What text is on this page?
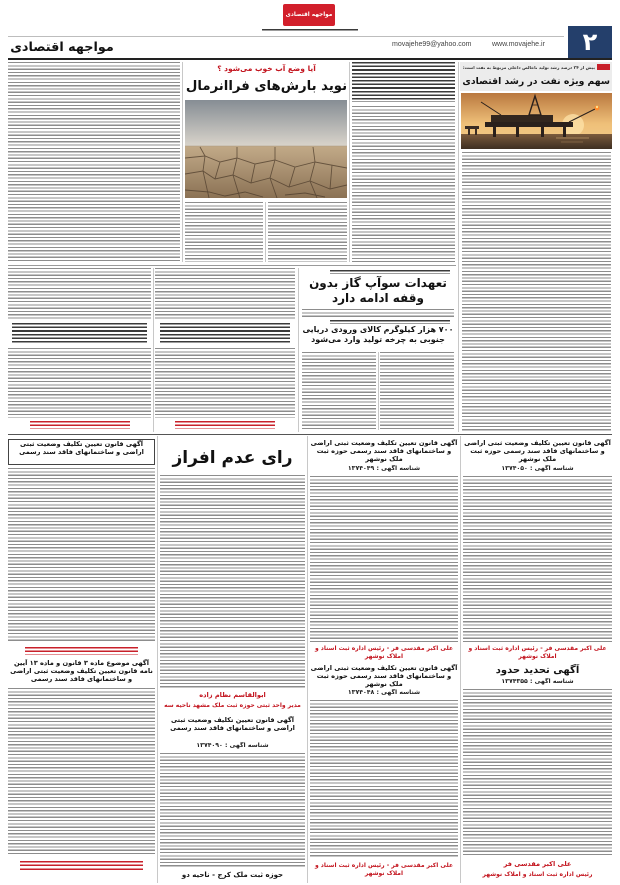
مواجهه اقتصادی
movajehe99@yahoo.com	www.movajehe.ir
مواجهه اقتصادی	۲
بیش از ۳۴ درصد رشد تولید ناخالص داخلی مربوط به نفت است:
سهم ویژه نفت در رشد اقتصادی
آیا وضع آب خوب می‌شود ؟
نوید بارش‌های فراانرمال
تعهدات سوآپ گاز بدون وقفه ادامه دارد
۷۰۰ هزار کیلوگرم کالای ورودی دریایی جنوبی به چرخه تولید وارد می‌شود
آگهی قانون تعیین تکلیف وضعیت ثبتی اراضی و ساختمانهای فاقد سند رسمی حوزه ثبت ملک نوشهر
شناسه آگهی : ۱۳۷۴۰۵۰
علی اکبر مقدسی فر - رئیس اداره ثبت اسناد و املاک نوشهر
آگهی تحدید حدود
شناسه آگهی : ۱۳۷۴۳۵۵
علی اکبر مقدسی فر
رئیس اداره ثبت اسناد و املاک نوشهر
آگهی قانون تعیین تکلیف وضعیت ثبتی اراضی و ساختمانهای فاقد سند رسمی حوزه ثبت ملک نوشهر
شناسه آگهی : ۱۳۷۴۰۴۹
علی اکبر مقدسی فر - رئیس اداره ثبت اسناد و املاک نوشهر
آگهی قانون تعیین تکلیف وضعیت ثبتی اراضی و ساختمانهای فاقد سند رسمی حوزه ثبت ملک نوشهر
شناسه آگهی : ۱۳۷۴۰۴۸
علی اکبر مقدسی فر - رئیس اداره ثبت اسناد و املاک نوشهر
رای عدم افراز
ابوالقاسم نظام زاده
مدیر واحد ثبتی حوزه ثبت ملک مشهد ناحیه سه
آگهی قانون تعیین تکلیف وضعیت ثبتی اراضی و ساختمانهای فاقد سند رسمی
شناسه آگهی : ۱۳۷۴۰۹۰
حوزه ثبت ملک کرج - ناحیه دو
آگهی قانون تعیین تکلیف وضعیت ثبتی اراضی و ساختمانهای فاقد سند رسمی
آگهی موضوع ماده ۳ قانون و ماده ۱۳ آیین نامه قانون تعیین تکلیف وضعیت ثبتی اراضی و ساختمانهای فاقد سند رسمی
